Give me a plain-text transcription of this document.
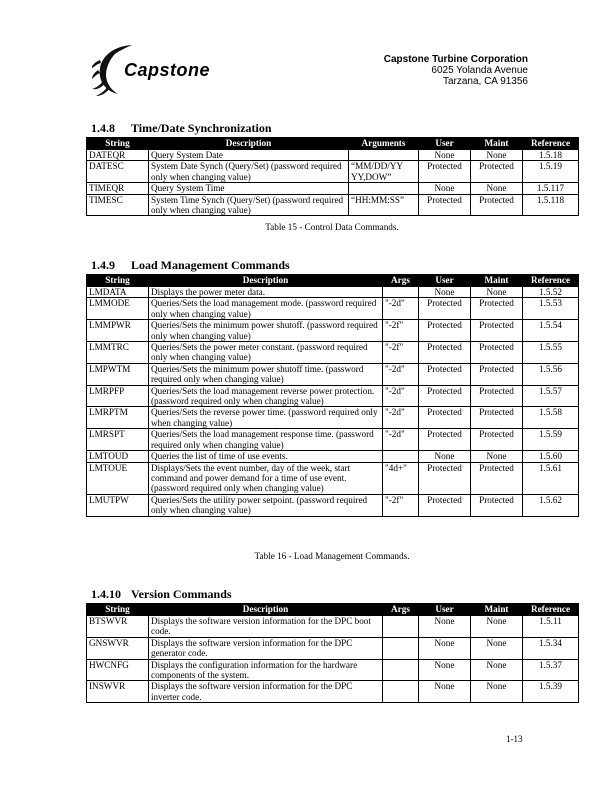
Capstone
Capstone Turbine Corporation
6025 Yolanda Avenue
Tarzana, CA 91356
1.4.8 Time/Date Synchronization
String	Description	Arguments	User	Maint	Reference
DATEQR	Query System Date		None	None	1.5.18
DATESC	System Date Synch (Query/Set) (password required only when changing value)	“MM/DD/YY YY,DOW”	Protected	Protected	1.5.19
TIMEQR	Query System Time		None	None	1.5.117
TIMESC	System Time Synch (Query/Set) (password required only when changing value)	“HH:MM:SS”	Protected	Protected	1.5.118
Table 15 - Control Data Commands.
1.4.9 Load Management Commands
String	Description	Args	User	Maint	Reference
LMDATA	Displays the power meter data.		None	None	1.5.52
LMMODE	Queries/Sets the load management mode. (password required only when changing value)	"-2d"	Protected	Protected	1.5.53
LMMPWR	Queries/Sets the minimum power shutoff. (password required only when changing value)	"-2f"	Protected	Protected	1.5.54
LMMTRC	Queries/Sets the power meter constant. (password required only when changing value)	"-2f"	Protected	Protected	1.5.55
LMPWTM	Queries/Sets the minimum power shutoff time. (password required only when changing value)	"-2d"	Protected	Protected	1.5.56
LMRPFP	Queries/Sets the load management reverse power protection. (password required only when changing value)	"-2d"	Protected	Protected	1.5.57
LMRPTM	Queries/Sets the reverse power time. (password required only when changing value)	"-2d"	Protected	Protected	1.5.58
LMRSPT	Queries/Sets the load management response time. (password required only when changing value)	"-2d"	Protected	Protected	1.5.59
LMTOUD	Queries the list of time of use events.		None	None	1.5.60
LMTOUE	Displays/Sets the event number, day of the week, start command and power demand for a time of use event. (password required only when changing value)	"4d+"	Protected	Protected	1.5.61
LMUTPW	Queries/Sets the utility power setpoint. (password required only when changing value)	"-2f"	Protected	Protected	1.5.62
Table 16 - Load Management Commands.
1.4.10 Version Commands
String	Description	Args	User	Maint	Reference
BTSWVR	Displays the software version information for the DPC boot code.		None	None	1.5.11
GNSWVR	Displays the software version information for the DPC generator code.		None	None	1.5.34
HWCNFG	Displays the configuration information for the hardware components of the system.		None	None	1.5.37
INSWVR	Displays the software version information for the DPC inverter code.		None	None	1.5.39
1-13
